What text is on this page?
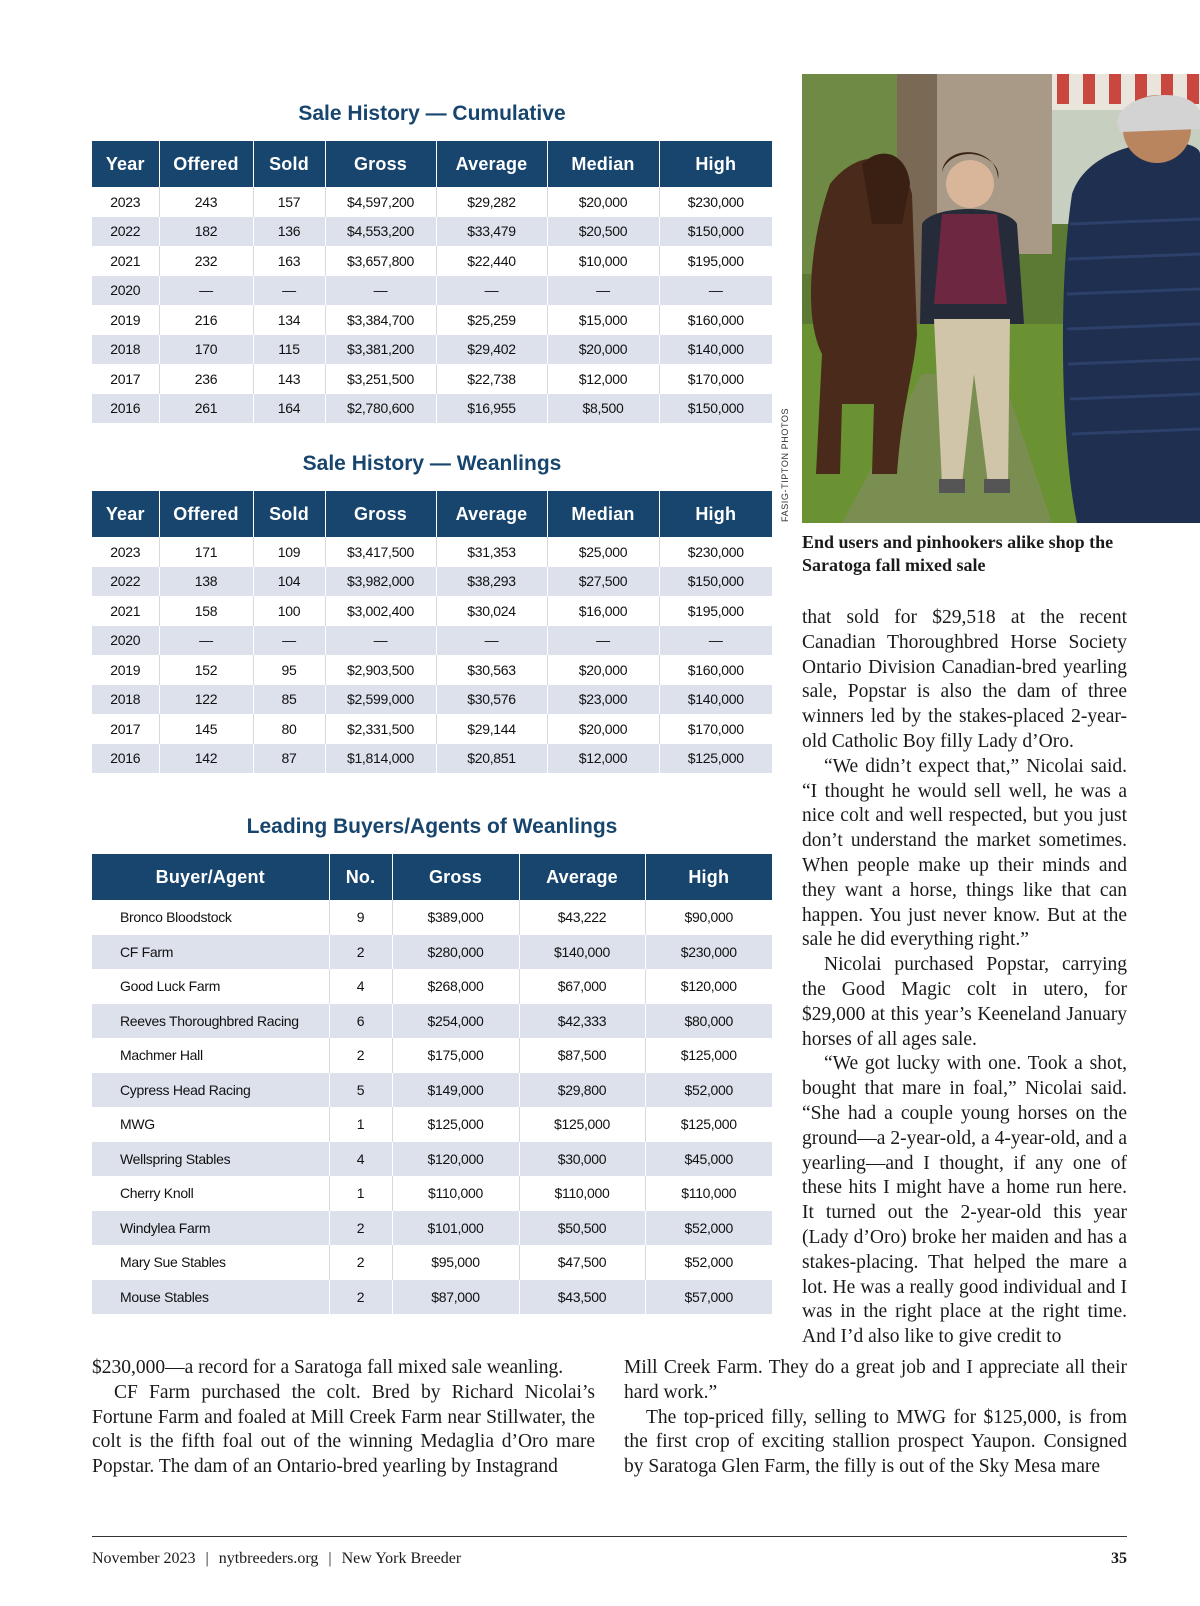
Sale History — Cumulative
Year	Offered	Sold	Gross	Average	Median	High
2023	243	157	$4,597,200	$29,282	$20,000	$230,000
2022	182	136	$4,553,200	$33,479	$20,500	$150,000
2021	232	163	$3,657,800	$22,440	$10,000	$195,000
2020	—	—	—	—	—	—
2019	216	134	$3,384,700	$25,259	$15,000	$160,000
2018	170	115	$3,381,200	$29,402	$20,000	$140,000
2017	236	143	$3,251,500	$22,738	$12,000	$170,000
2016	261	164	$2,780,600	$16,955	$8,500	$150,000
Sale History — Weanlings
Year	Offered	Sold	Gross	Average	Median	High
2023	171	109	$3,417,500	$31,353	$25,000	$230,000
2022	138	104	$3,982,000	$38,293	$27,500	$150,000
2021	158	100	$3,002,400	$30,024	$16,000	$195,000
2020	—	—	—	—	—	—
2019	152	95	$2,903,500	$30,563	$20,000	$160,000
2018	122	85	$2,599,000	$30,576	$23,000	$140,000
2017	145	80	$2,331,500	$29,144	$20,000	$170,000
2016	142	87	$1,814,000	$20,851	$12,000	$125,000
Leading Buyers/Agents of Weanlings
Buyer/Agent	No.	Gross	Average	High
Bronco Bloodstock	9	$389,000	$43,222	$90,000
CF Farm	2	$280,000	$140,000	$230,000
Good Luck Farm	4	$268,000	$67,000	$120,000
Reeves Thoroughbred Racing	6	$254,000	$42,333	$80,000
Machmer Hall	2	$175,000	$87,500	$125,000
Cypress Head Racing	5	$149,000	$29,800	$52,000
MWG	1	$125,000	$125,000	$125,000
Wellspring Stables	4	$120,000	$30,000	$45,000
Cherry Knoll	1	$110,000	$110,000	$110,000
Windylea Farm	2	$101,000	$50,500	$52,000
Mary Sue Stables	2	$95,000	$47,500	$52,000
Mouse Stables	2	$87,000	$43,500	$57,000
FASIG-TIPTON PHOTOS
End users and pinhookers alike shop the Saratoga fall mixed sale

that sold for $29,518 at the recent Canadian Thoroughbred Horse Society Ontario Division Canadian-bred yearling sale, Popstar is also the dam of three winners led by the stakes-placed 2-year-old Catholic Boy filly Lady d’Oro.

“We didn’t expect that,” Nicolai said. “I thought he would sell well, he was a nice colt and well respected, but you just don’t understand the market sometimes. When people make up their minds and they want a horse, things like that can happen. You just never know. But at the sale he did everything right.”

Nicolai purchased Popstar, carrying the Good Magic colt in utero, for $29,000 at this year’s Keeneland January horses of all ages sale.

“We got lucky with one. Took a shot, bought that mare in foal,” Nicolai said. “She had a couple young horses on the ground—a 2-year-old, a 4-year-old, and a yearling—and I thought, if any one of these hits I might have a home run here. It turned out the 2-year-old this year (Lady d’Oro) broke her maiden and has a stakes-placing. That helped the mare a lot. He was a really good individual and I was in the right place at the right time. And I’d also like to give credit to

$230,000—a record for a Saratoga fall mixed sale weanling.

CF Farm purchased the colt. Bred by Richard Nicolai’s Fortune Farm and foaled at Mill Creek Farm near Stillwater, the colt is the fifth foal out of the winning Medaglia d’Oro mare Popstar. The dam of an Ontario-bred yearling by Instagrand

Mill Creek Farm. They do a great job and I appreciate all their hard work.”

The top-priced filly, selling to MWG for $125,000, is from the first crop of exciting stallion prospect Yaupon. Consigned by Saratoga Glen Farm, the filly is out of the Sky Mesa mare

November 2023 | nytbreeders.org | New York Breeder	35
